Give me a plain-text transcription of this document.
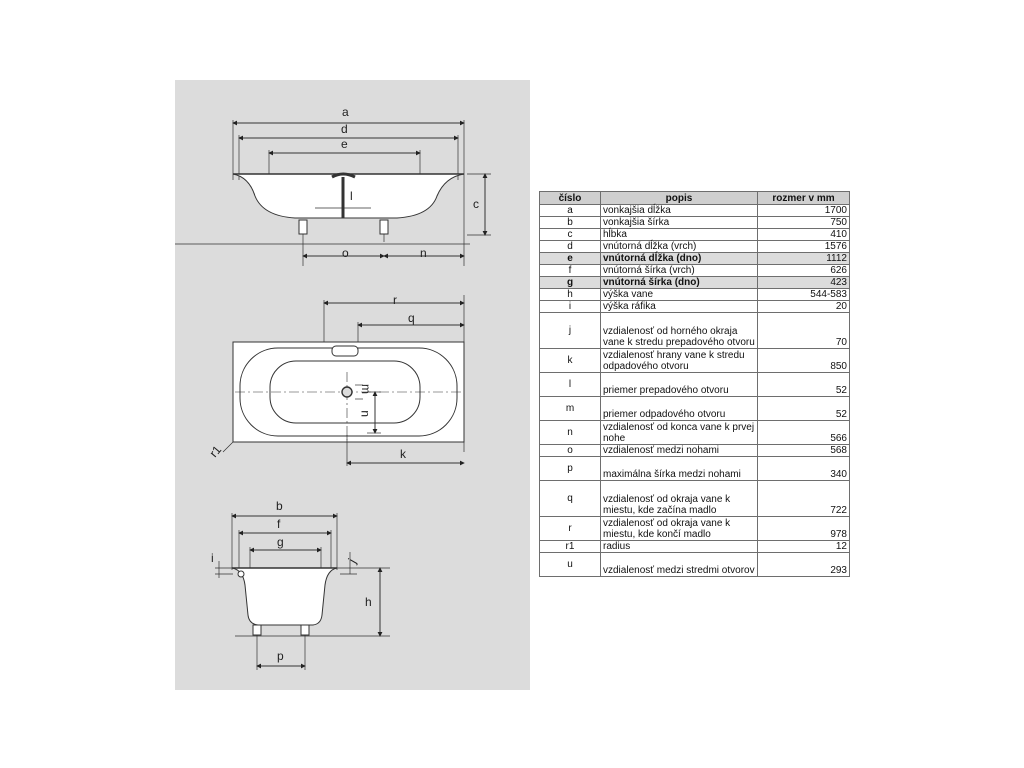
a
d
e
l
c
o	n
r
q
m
u
r1	k
b
f
g
i	j
h
p
číslo	popis	rozmer v mm
a	vonkajšia dĺžka	1700
b	vonkajšia šírka	750
c	hĺbka	410
d	vnútorná dĺžka (vrch)	1576
e	vnútorná dĺžka (dno)	1112
f	vnútorná šírka (vrch)	626
g	vnútorná šírka (dno)	423
h	výška vane	544-583
i	výška ráfika	20
j	vzdialenosť od horného okraja vane k stredu prepadového otvoru	70
k	vzdialenosť hrany vane k stredu odpadového otvoru	850
l	priemer prepadového otvoru	52
m	priemer odpadového otvoru	52
n	vzdialenosť od konca vane k prvej nohe	566
o	vzdialenosť medzi nohami	568
p	maximálna šírka medzi nohami	340
q	vzdialenosť od okraja vane k miestu, kde začína madlo	722
r	vzdialenosť od okraja vane k miestu, kde končí madlo	978
r1	radius	12
u	vzdialenosť medzi stredmi otvorov	293
